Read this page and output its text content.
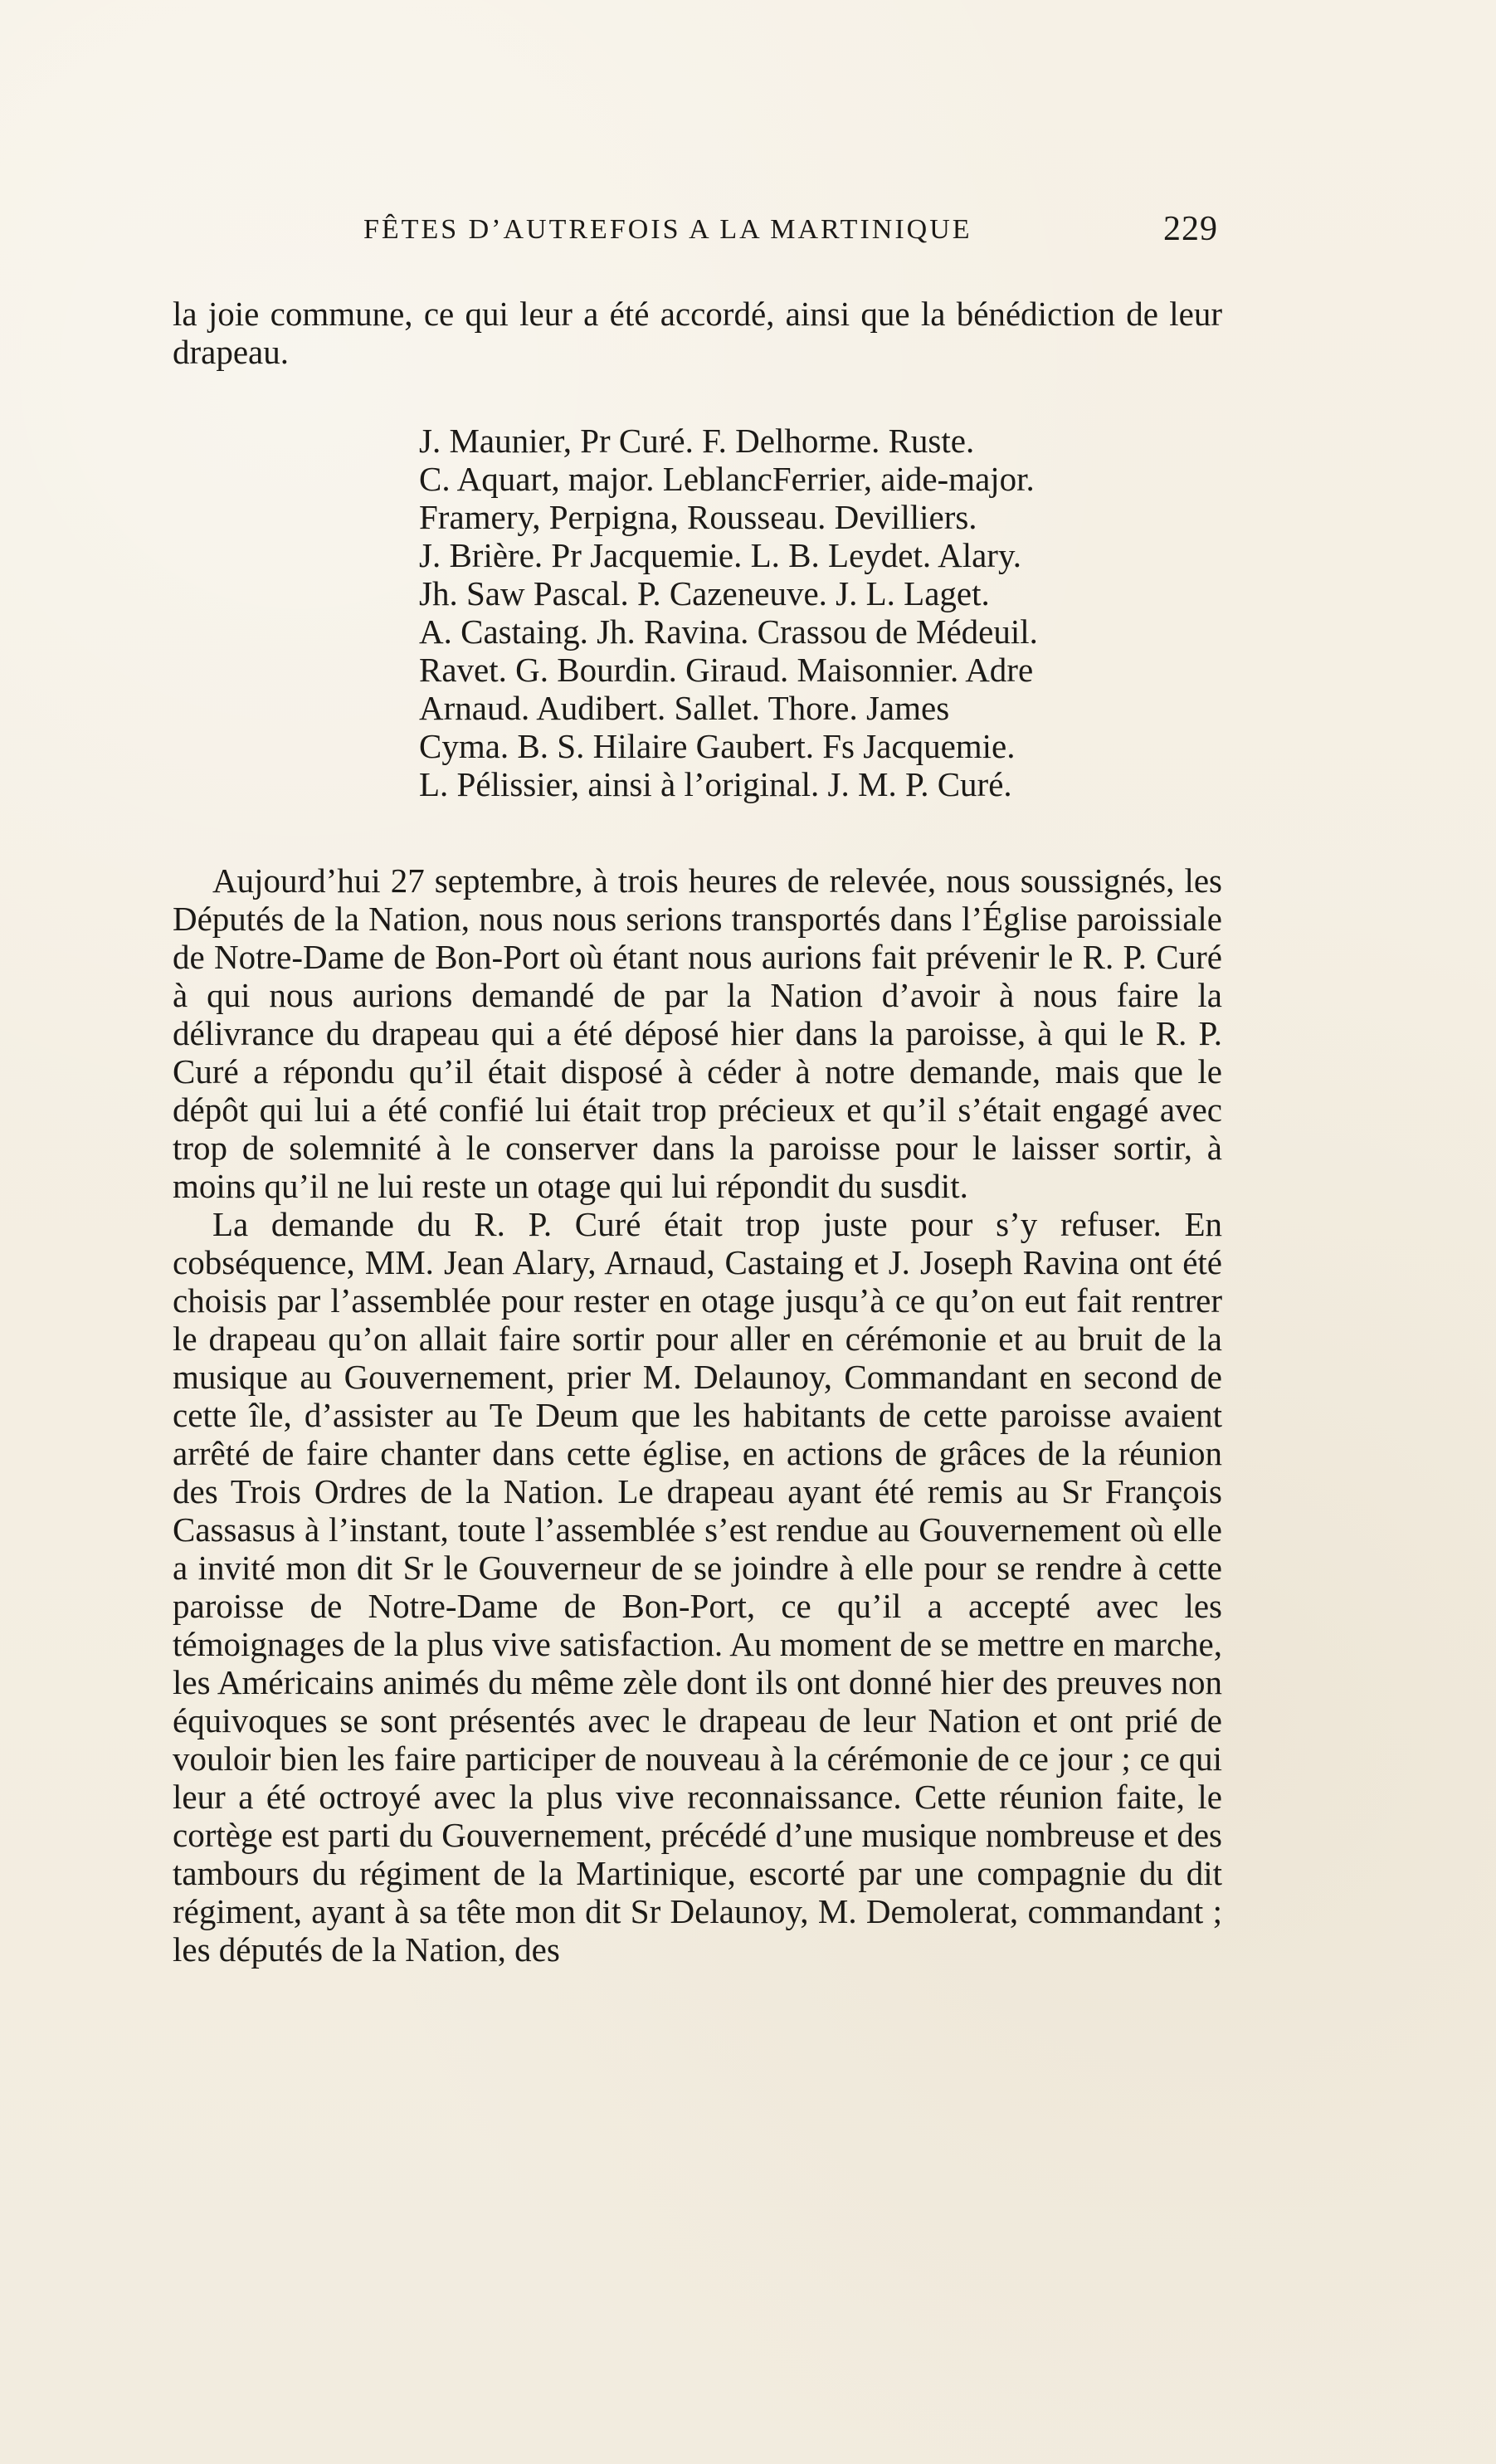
FÊTES D’AUTREFOIS A LA MARTINIQUE	229
la joie commune, ce qui leur a été accordé, ainsi que la bénédiction de leur drapeau.
J. Maunier, Pr Curé. F. Delhorme. Ruste.
C. Aquart, major. LeblancFerrier, aide-major.
Framery, Perpigna, Rousseau. Devilliers.
J. Brière. Pr Jacquemie. L. B. Leydet. Alary.
Jh. Saw Pascal. P. Cazeneuve. J. L. Laget.
A. Castaing. Jh. Ravina. Crassou de Médeuil.
Ravet. G. Bourdin. Giraud. Maisonnier. Adre
Arnaud. Audibert. Sallet. Thore. James
Cyma. B. S. Hilaire Gaubert. Fs Jacquemie.
L. Pélissier, ainsi à l’original. J. M. P. Curé.

Aujourd’hui 27 septembre, à trois heures de relevée, nous soussignés, les Députés de la Nation, nous nous serions transportés dans l’Église paroissiale de Notre-Dame de Bon-Port où étant nous aurions fait prévenir le R. P. Curé à qui nous aurions demandé de par la Nation d’avoir à nous faire la délivrance du drapeau qui a été déposé hier dans la paroisse, à qui le R. P. Curé a répondu qu’il était disposé à céder à notre demande, mais que le dépôt qui lui a été confié lui était trop précieux et qu’il s’était engagé avec trop de solemnité à le conserver dans la paroisse pour le laisser sortir, à moins qu’il ne lui reste un otage qui lui répondit du susdit.

La demande du R. P. Curé était trop juste pour s’y refuser. En cobséquence, MM. Jean Alary, Arnaud, Castaing et J. Joseph Ravina ont été choisis par l’assemblée pour rester en otage jusqu’à ce qu’on eut fait rentrer le drapeau qu’on allait faire sortir pour aller en cérémonie et au bruit de la musique au Gouvernement, prier M. Delaunoy, Commandant en second de cette île, d’assister au Te Deum que les habitants de cette paroisse avaient arrêté de faire chanter dans cette église, en actions de grâces de la réunion des Trois Ordres de la Nation. Le drapeau ayant été remis au Sr François Cassasus à l’instant, toute l’assemblée s’est rendue au Gouvernement où elle a invité mon dit Sr le Gouverneur de se joindre à elle pour se rendre à cette paroisse de Notre-Dame de Bon-Port, ce qu’il a accepté avec les témoignages de la plus vive satisfaction. Au moment de se mettre en marche, les Américains animés du même zèle dont ils ont donné hier des preuves non équivoques se sont présentés avec le drapeau de leur Nation et ont prié de vouloir bien les faire participer de nouveau à la cérémonie de ce jour ; ce qui leur a été octroyé avec la plus vive reconnaissance. Cette réunion faite, le cortège est parti du Gouvernement, précédé d’une musique nombreuse et des tambours du régiment de la Martinique, escorté par une compagnie du dit régiment, ayant à sa tête mon dit Sr Delaunoy, M. Demolerat, commandant ; les députés de la Nation, des
